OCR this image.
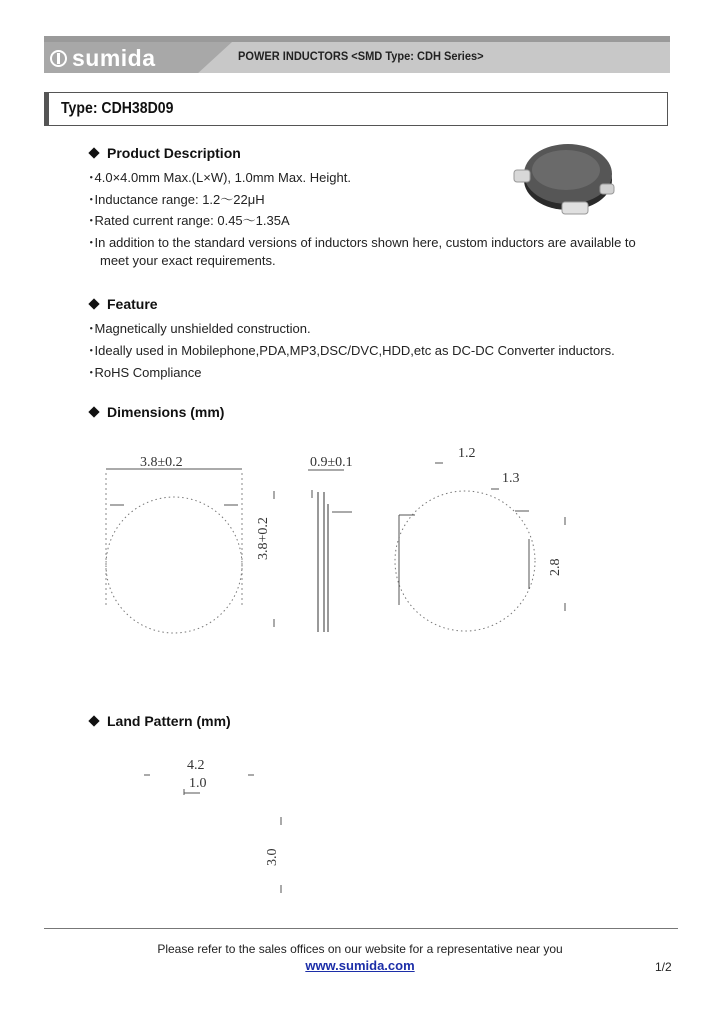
sumida	POWER INDUCTORS <SMD Type: CDH Series>
Type: CDH38D09
Product Description
･4.0×4.0mm Max.(L×W), 1.0mm Max. Height.
･Inductance range: 1.2～22μH
･Rated current range: 0.45～1.35A
･In addition to the standard versions of inductors shown here, custom inductors are available to
meet your exact requirements.
Feature
･Magnetically unshielded construction.
･Ideally used in Mobilephone,PDA,MP3,DSC/DVC,HDD,etc as DC-DC Converter inductors.
･RoHS Compliance
Dimensions (mm)
3.8±0.2
3.8+0.2
0.9±0.1
1.2
1.3
2.8
Land Pattern (mm)
4.2
1.0
3.0
Please refer to the sales offices on our website for a representative near you
www.sumida.com	1/2
